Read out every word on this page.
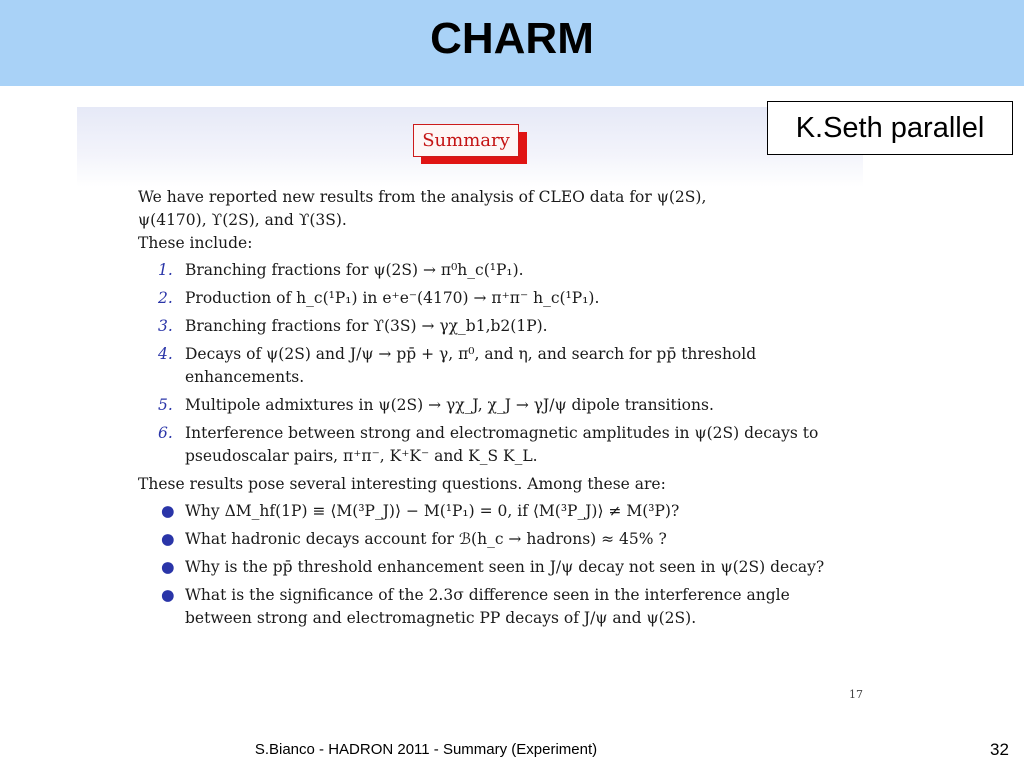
CHARM
Summary
We have reported new results from the analysis of CLEO data for ψ(2S),
ψ(4170), ϒ(2S), and ϒ(3S).
These include:
1. Branching fractions for ψ(2S) → π⁰h_c(¹P₁).
2. Production of h_c(¹P₁) in e⁺e⁻(4170) → π⁺π⁻ h_c(¹P₁).
3. Branching fractions for ϒ(3S) → γχ_b1,b2(1P).
4. Decays of ψ(2S) and J/ψ → pp̄ + γ, π⁰, and η, and search for pp̄ threshold enhancements.
5. Multipole admixtures in ψ(2S) → γχ_J, χ_J → γJ/ψ dipole transitions.
6. Interference between strong and electromagnetic amplitudes in ψ(2S) decays to pseudoscalar pairs, π⁺π⁻, K⁺K⁻ and K_S K_L.
These results pose several interesting questions. Among these are:
● Why ΔM_hf(1P) ≡ ⟨M(³P_J)⟩ − M(¹P₁) = 0, if ⟨M(³P_J)⟩ ≠ M(³P)?
● What hadronic decays account for ℬ(h_c → hadrons) ≈ 45% ?
● Why is the pp̄ threshold enhancement seen in J/ψ decay not seen in ψ(2S) decay?
● What is the significance of the 2.3σ difference seen in the interference angle between strong and electromagnetic PP decays of J/ψ and ψ(2S).
17
K.Seth parallel
S.Bianco - HADRON 2011 - Summary (Experiment)	32
